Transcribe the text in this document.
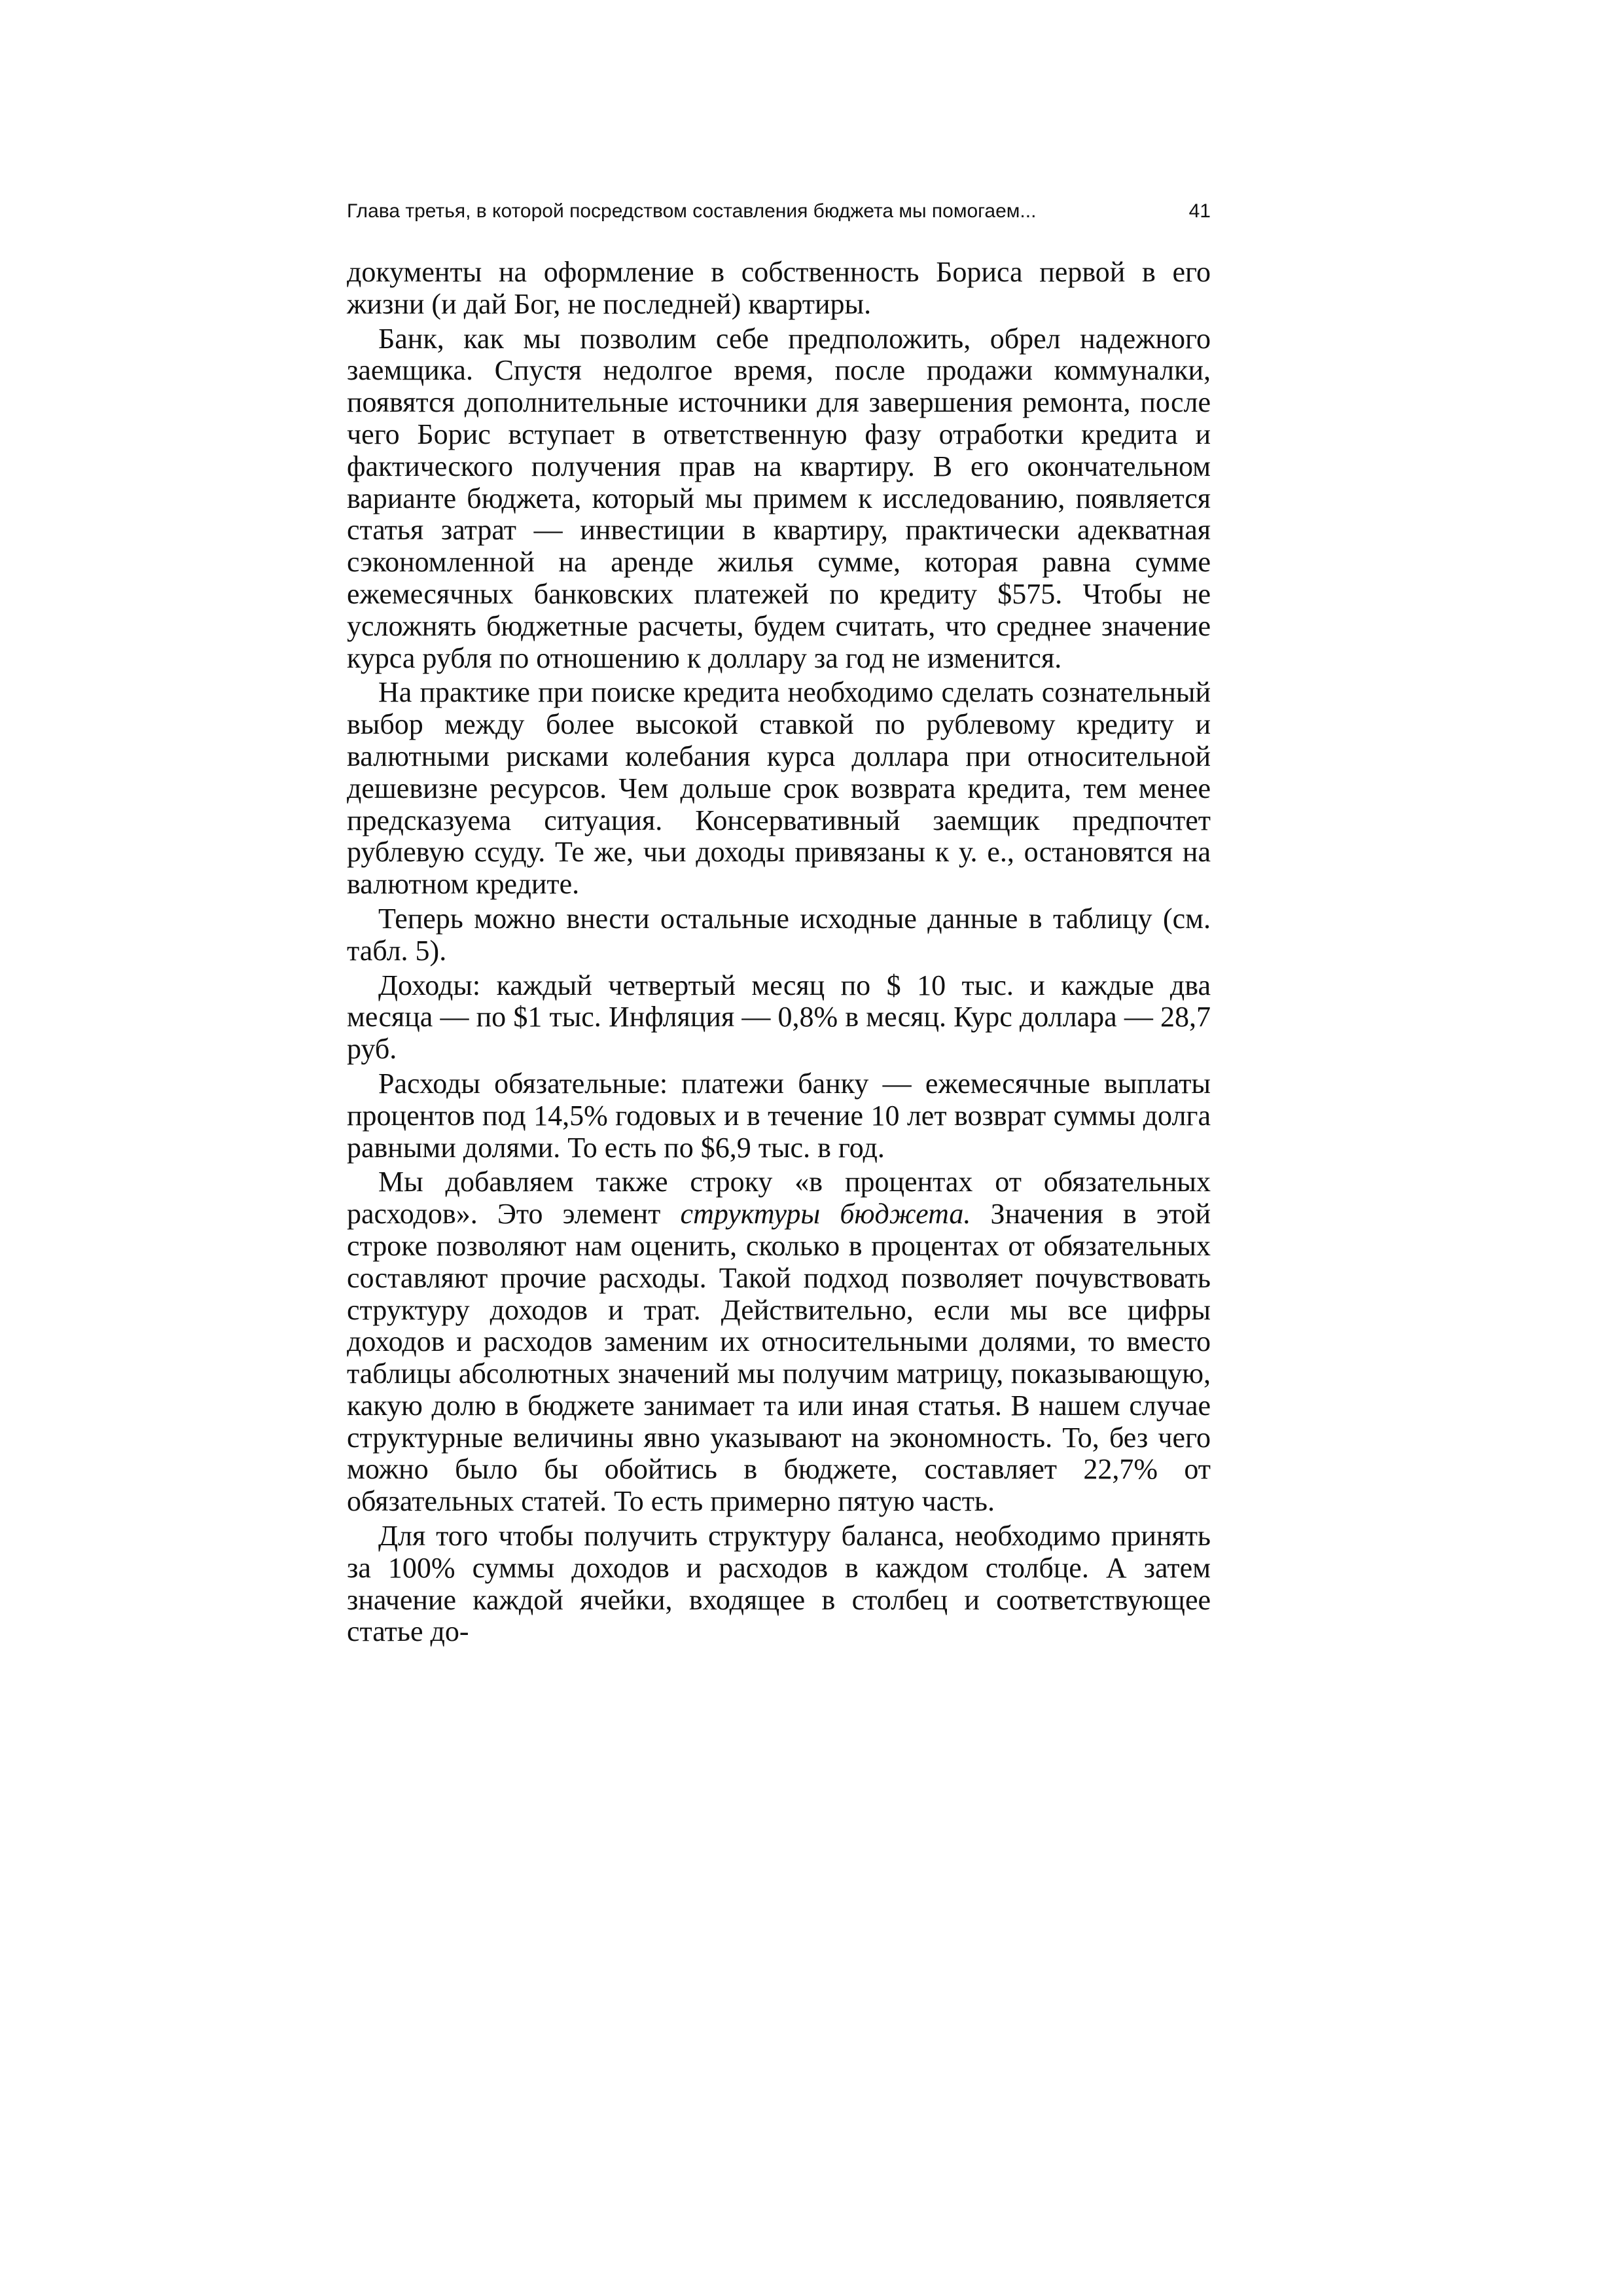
Глава третья, в которой посредством составления бюджета мы помогаем...	41

документы на оформление в собственность Бориса первой в его жизни (и дай Бог, не последней) квартиры.

Банк, как мы позволим себе предположить, обрел надежного заемщика. Спустя недолгое время, после продажи коммуналки, появятся дополнительные источники для завершения ремонта, после чего Борис вступает в ответственную фазу отработки кредита и фактического получения прав на квартиру. В его окончательном варианте бюджета, который мы примем к исследованию, появляется статья затрат — инвестиции в квартиру, практически адекватная сэкономленной на аренде жилья сумме, которая равна сумме ежемесячных банковских платежей по кредиту $575. Чтобы не усложнять бюджетные расчеты, будем считать, что среднее значение курса рубля по отношению к доллару за год не изменится.

На практике при поиске кредита необходимо сделать сознательный выбор между более высокой ставкой по рублевому кредиту и валютными рисками колебания курса доллара при относительной дешевизне ресурсов. Чем дольше срок возврата кредита, тем менее предсказуема ситуация. Консервативный заемщик предпочтет рублевую ссуду. Те же, чьи доходы привязаны к у. е., остановятся на валютном кредите.

Теперь можно внести остальные исходные данные в таблицу (см. табл. 5).

Доходы: каждый четвертый месяц по $ 10 тыс. и каждые два месяца — по $1 тыс. Инфляция — 0,8% в месяц. Курс доллара — 28,7 руб.

Расходы обязательные: платежи банку — ежемесячные выплаты процентов под 14,5% годовых и в течение 10 лет возврат суммы долга равными долями. То есть по $6,9 тыс. в год.

Мы добавляем также строку «в процентах от обязательных расходов». Это элемент структуры бюджета. Значения в этой строке позволяют нам оценить, сколько в процентах от обязательных составляют прочие расходы. Такой подход позволяет почувствовать структуру доходов и трат. Действительно, если мы все цифры доходов и расходов заменим их относительными долями, то вместо таблицы абсолютных значений мы получим матрицу, показывающую, какую долю в бюджете занимает та или иная статья. В нашем случае структурные величины явно указывают на экономность. То, без чего можно было бы обойтись в бюджете, составляет 22,7% от обязательных статей. То есть примерно пятую часть.

Для того чтобы получить структуру баланса, необходимо принять за 100% суммы доходов и расходов в каждом столбце. А затем значение каждой ячейки, входящее в столбец и соответствующее статье до-
